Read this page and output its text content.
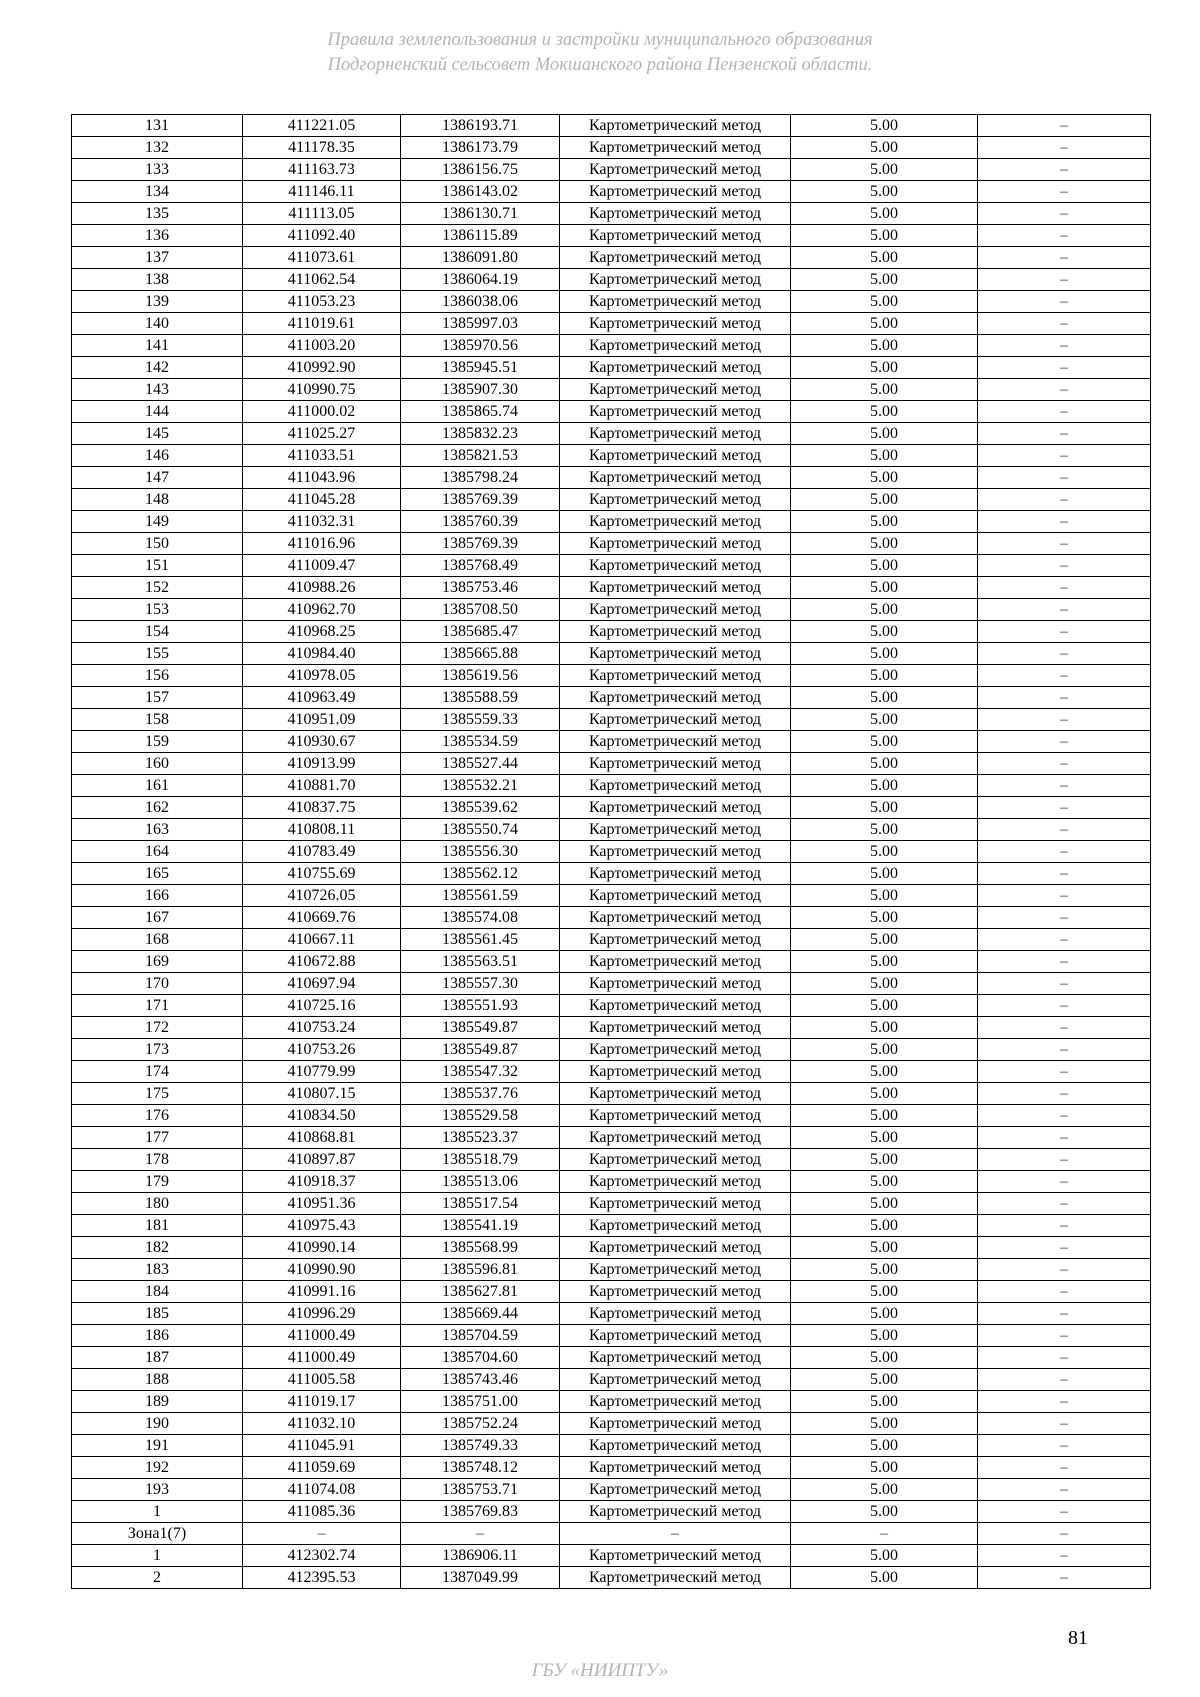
Правила землепользования и застройки муниципального образования
Подгорненский сельсовет Мокшанского района Пензенской области.
131	411221.05	1386193.71	Картометрический метод	5.00	–
132	411178.35	1386173.79	Картометрический метод	5.00	–
133	411163.73	1386156.75	Картометрический метод	5.00	–
134	411146.11	1386143.02	Картометрический метод	5.00	–
135	411113.05	1386130.71	Картометрический метод	5.00	–
136	411092.40	1386115.89	Картометрический метод	5.00	–
137	411073.61	1386091.80	Картометрический метод	5.00	–
138	411062.54	1386064.19	Картометрический метод	5.00	–
139	411053.23	1386038.06	Картометрический метод	5.00	–
140	411019.61	1385997.03	Картометрический метод	5.00	–
141	411003.20	1385970.56	Картометрический метод	5.00	–
142	410992.90	1385945.51	Картометрический метод	5.00	–
143	410990.75	1385907.30	Картометрический метод	5.00	–
144	411000.02	1385865.74	Картометрический метод	5.00	–
145	411025.27	1385832.23	Картометрический метод	5.00	–
146	411033.51	1385821.53	Картометрический метод	5.00	–
147	411043.96	1385798.24	Картометрический метод	5.00	–
148	411045.28	1385769.39	Картометрический метод	5.00	–
149	411032.31	1385760.39	Картометрический метод	5.00	–
150	411016.96	1385769.39	Картометрический метод	5.00	–
151	411009.47	1385768.49	Картометрический метод	5.00	–
152	410988.26	1385753.46	Картометрический метод	5.00	–
153	410962.70	1385708.50	Картометрический метод	5.00	–
154	410968.25	1385685.47	Картометрический метод	5.00	–
155	410984.40	1385665.88	Картометрический метод	5.00	–
156	410978.05	1385619.56	Картометрический метод	5.00	–
157	410963.49	1385588.59	Картометрический метод	5.00	–
158	410951.09	1385559.33	Картометрический метод	5.00	–
159	410930.67	1385534.59	Картометрический метод	5.00	–
160	410913.99	1385527.44	Картометрический метод	5.00	–
161	410881.70	1385532.21	Картометрический метод	5.00	–
162	410837.75	1385539.62	Картометрический метод	5.00	–
163	410808.11	1385550.74	Картометрический метод	5.00	–
164	410783.49	1385556.30	Картометрический метод	5.00	–
165	410755.69	1385562.12	Картометрический метод	5.00	–
166	410726.05	1385561.59	Картометрический метод	5.00	–
167	410669.76	1385574.08	Картометрический метод	5.00	–
168	410667.11	1385561.45	Картометрический метод	5.00	–
169	410672.88	1385563.51	Картометрический метод	5.00	–
170	410697.94	1385557.30	Картометрический метод	5.00	–
171	410725.16	1385551.93	Картометрический метод	5.00	–
172	410753.24	1385549.87	Картометрический метод	5.00	–
173	410753.26	1385549.87	Картометрический метод	5.00	–
174	410779.99	1385547.32	Картометрический метод	5.00	–
175	410807.15	1385537.76	Картометрический метод	5.00	–
176	410834.50	1385529.58	Картометрический метод	5.00	–
177	410868.81	1385523.37	Картометрический метод	5.00	–
178	410897.87	1385518.79	Картометрический метод	5.00	–
179	410918.37	1385513.06	Картометрический метод	5.00	–
180	410951.36	1385517.54	Картометрический метод	5.00	–
181	410975.43	1385541.19	Картометрический метод	5.00	–
182	410990.14	1385568.99	Картометрический метод	5.00	–
183	410990.90	1385596.81	Картометрический метод	5.00	–
184	410991.16	1385627.81	Картометрический метод	5.00	–
185	410996.29	1385669.44	Картометрический метод	5.00	–
186	411000.49	1385704.59	Картометрический метод	5.00	–
187	411000.49	1385704.60	Картометрический метод	5.00	–
188	411005.58	1385743.46	Картометрический метод	5.00	–
189	411019.17	1385751.00	Картометрический метод	5.00	–
190	411032.10	1385752.24	Картометрический метод	5.00	–
191	411045.91	1385749.33	Картометрический метод	5.00	–
192	411059.69	1385748.12	Картометрический метод	5.00	–
193	411074.08	1385753.71	Картометрический метод	5.00	–
1	411085.36	1385769.83	Картометрический метод	5.00	–
Зона1(7)	–	–	–	–	–
1	412302.74	1386906.11	Картометрический метод	5.00	–
2	412395.53	1387049.99	Картометрический метод	5.00	–
81
ГБУ «НИИПТУ»
